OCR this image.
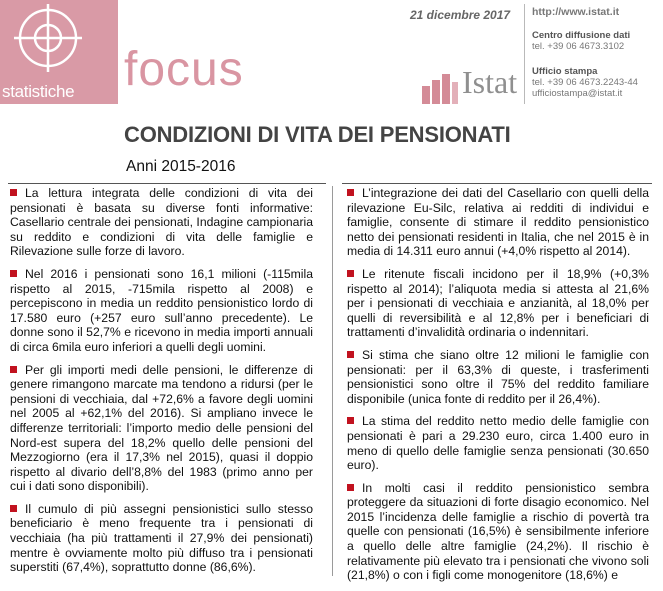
statistiche focus	Istat
21 dicembre 2017 http://www.istat.it
Centro diffusione dati
tel. +39 06 4673.3102
Ufficio stampa
tel. +39 06 4673.2243-44
ufficiostampa@istat.it
CONDIZIONI DI VITA DEI PENSIONATI
Anni 2015-2016

La lettura integrata delle condizioni di vita dei pensionati è basata su diverse fonti informative: Casellario centrale dei pensionati, Indagine campionaria su reddito e condizioni di vita delle famiglie e Rilevazione sulle forze di lavoro.

Nel 2016 i pensionati sono 16,1 milioni (-115mila rispetto al 2015, -715mila rispetto al 2008) e percepiscono in media un reddito pensionistico lordo di 17.580 euro (+257 euro sull’anno precedente). Le donne sono il 52,7% e ricevono in media importi annuali di circa 6mila euro inferiori a quelli degli uomini.

Per gli importi medi delle pensioni, le differenze di genere rimangono marcate ma tendono a ridursi (per le pensioni di vecchiaia, dal +72,6% a favore degli uomini nel 2005 al +62,1% del 2016). Si ampliano invece le differenze territoriali: l’importo medio delle pensioni del Nord-est supera del 18,2% quello delle pensioni del Mezzogiorno (era il 17,3% nel 2015), quasi il doppio rispetto al divario dell’8,8% del 1983 (primo anno per cui i dati sono disponibili).

Il cumulo di più assegni pensionistici sullo stesso beneficiario è meno frequente tra i pensionati di vecchiaia (ha più trattamenti il 27,9% dei pensionati) mentre è ovviamente molto più diffuso tra i pensionati superstiti (67,4%), soprattutto donne (86,6%).

L’integrazione dei dati del Casellario con quelli della rilevazione Eu-Silc, relativa ai redditi di individui e famiglie, consente di stimare il reddito pensionistico netto dei pensionati residenti in Italia, che nel 2015 è in media di 14.311 euro annui (+4,0% rispetto al 2014).

Le ritenute fiscali incidono per il 18,9% (+0,3% rispetto al 2014); l’aliquota media si attesta al 21,6% per i pensionati di vecchiaia e anzianità, al 18,0% per quelli di reversibilità e al 12,8% per i beneficiari di trattamenti d’invalidità ordinaria o indennitari.

Si stima che siano oltre 12 milioni le famiglie con pensionati: per il 63,3% di queste, i trasferimenti pensionistici sono oltre il 75% del reddito familiare disponibile (unica fonte di reddito per il 26,4%).

La stima del reddito netto medio delle famiglie con pensionati è pari a 29.230 euro, circa 1.400 euro in meno di quello delle famiglie senza pensionati (30.650 euro).

In molti casi il reddito pensionistico sembra proteggere da situazioni di forte disagio economico. Nel 2015 l’incidenza delle famiglie a rischio di povertà tra quelle con pensionati (16,5%) è sensibilmente inferiore a quello delle altre famiglie (24,2%). Il rischio è relativamente più elevato tra i pensionati che vivono soli (21,8%) o con i figli come monogenitore (18,6%) e
